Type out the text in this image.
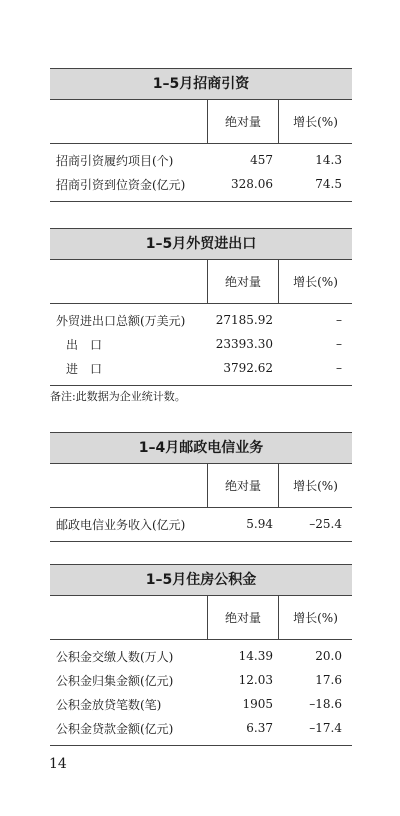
1–5月招商引资
绝对量	增长(%)
招商引资履约项目(个)	457	14.3
招商引资到位资金(亿元)	328.06	74.5
1–5月外贸进出口
绝对量	增长(%)
外贸进出口总额(万美元)	27185.92	–
出　口	23393.30	–
进　口	3792.62	–
备注:此数据为企业统计数。
1–4月邮政电信业务
绝对量	增长(%)
邮政电信业务收入(亿元)	5.94	–25.4
1–5月住房公积金
绝对量	增长(%)
公积金交缴人数(万人)	14.39	20.0
公积金归集金额(亿元)	12.03	17.6
公积金放贷笔数(笔)	1905	–18.6
公积金贷款金额(亿元)	6.37	–17.4
14
